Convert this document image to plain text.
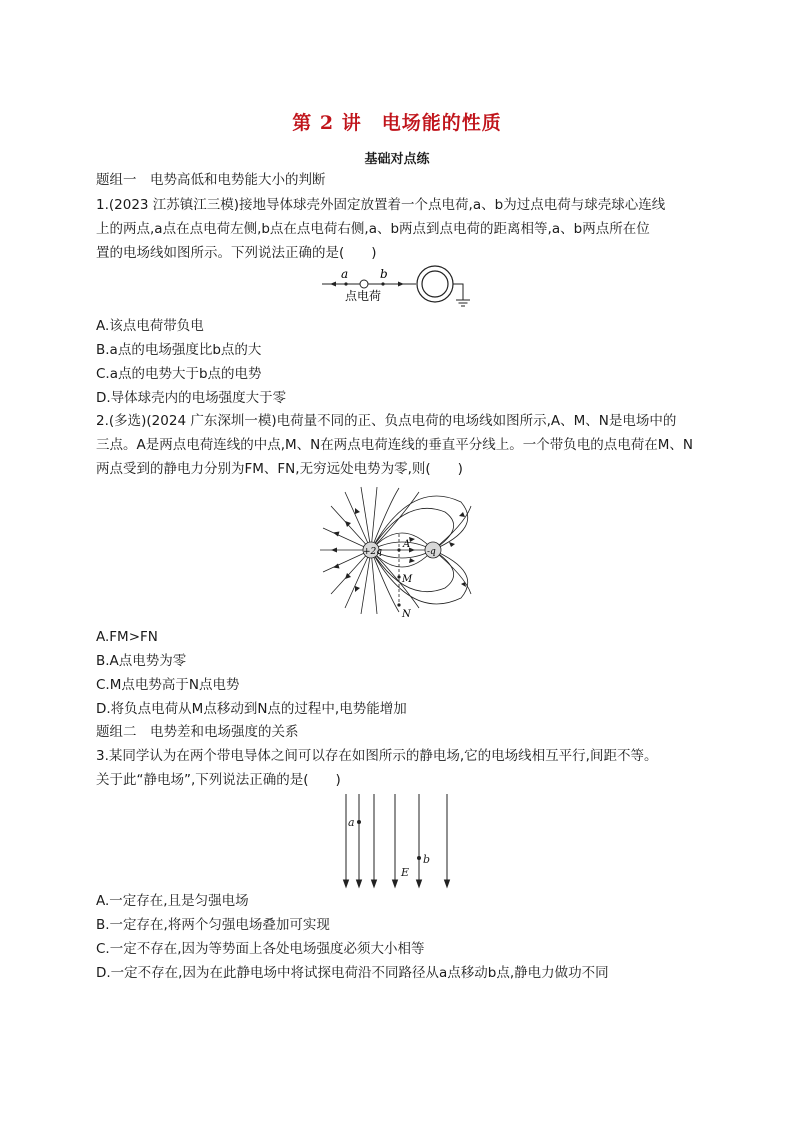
第 2 讲　电场能的性质
基础对点练
题组一　电势高低和电势能大小的判断
1.(2023 江苏镇江三模)接地导体球壳外固定放置着一个点电荷,a、b为过点电荷与球壳球心连线
上的两点,a点在点电荷左侧,b点在点电荷右侧,a、b两点到点电荷的距离相等,a、b两点所在位
置的电场线如图所示。下列说法正确的是(　　)
a	b
点电荷
A.该点电荷带负电
B.a点的电场强度比b点的大
C.a点的电势大于b点的电势
D.导体球壳内的电场强度大于零
2.(多选)(2024 广东深圳一模)电荷量不同的正、负点电荷的电场线如图所示,A、M、N是电场中的
三点。A是两点电荷连线的中点,M、N在两点电荷连线的垂直平分线上。一个带负电的点电荷在M、N
两点受到的静电力分别为FM、FN,无穷远处电势为零,则(　　)
+2q	-q
A
M
N
A.FM>FN
B.A点电势为零
C.M点电势高于N点电势
D.将负点电荷从M点移动到N点的过程中,电势能增加
题组二　电势差和电场强度的关系
3.某同学认为在两个带电导体之间可以存在如图所示的静电场,它的电场线相互平行,间距不等。
关于此“静电场”,下列说法正确的是(　　)
a
b
E
A.一定存在,且是匀强电场
B.一定存在,将两个匀强电场叠加可实现
C.一定不存在,因为等势面上各处电场强度必须大小相等
D.一定不存在,因为在此静电场中将试探电荷沿不同路径从a点移动b点,静电力做功不同
